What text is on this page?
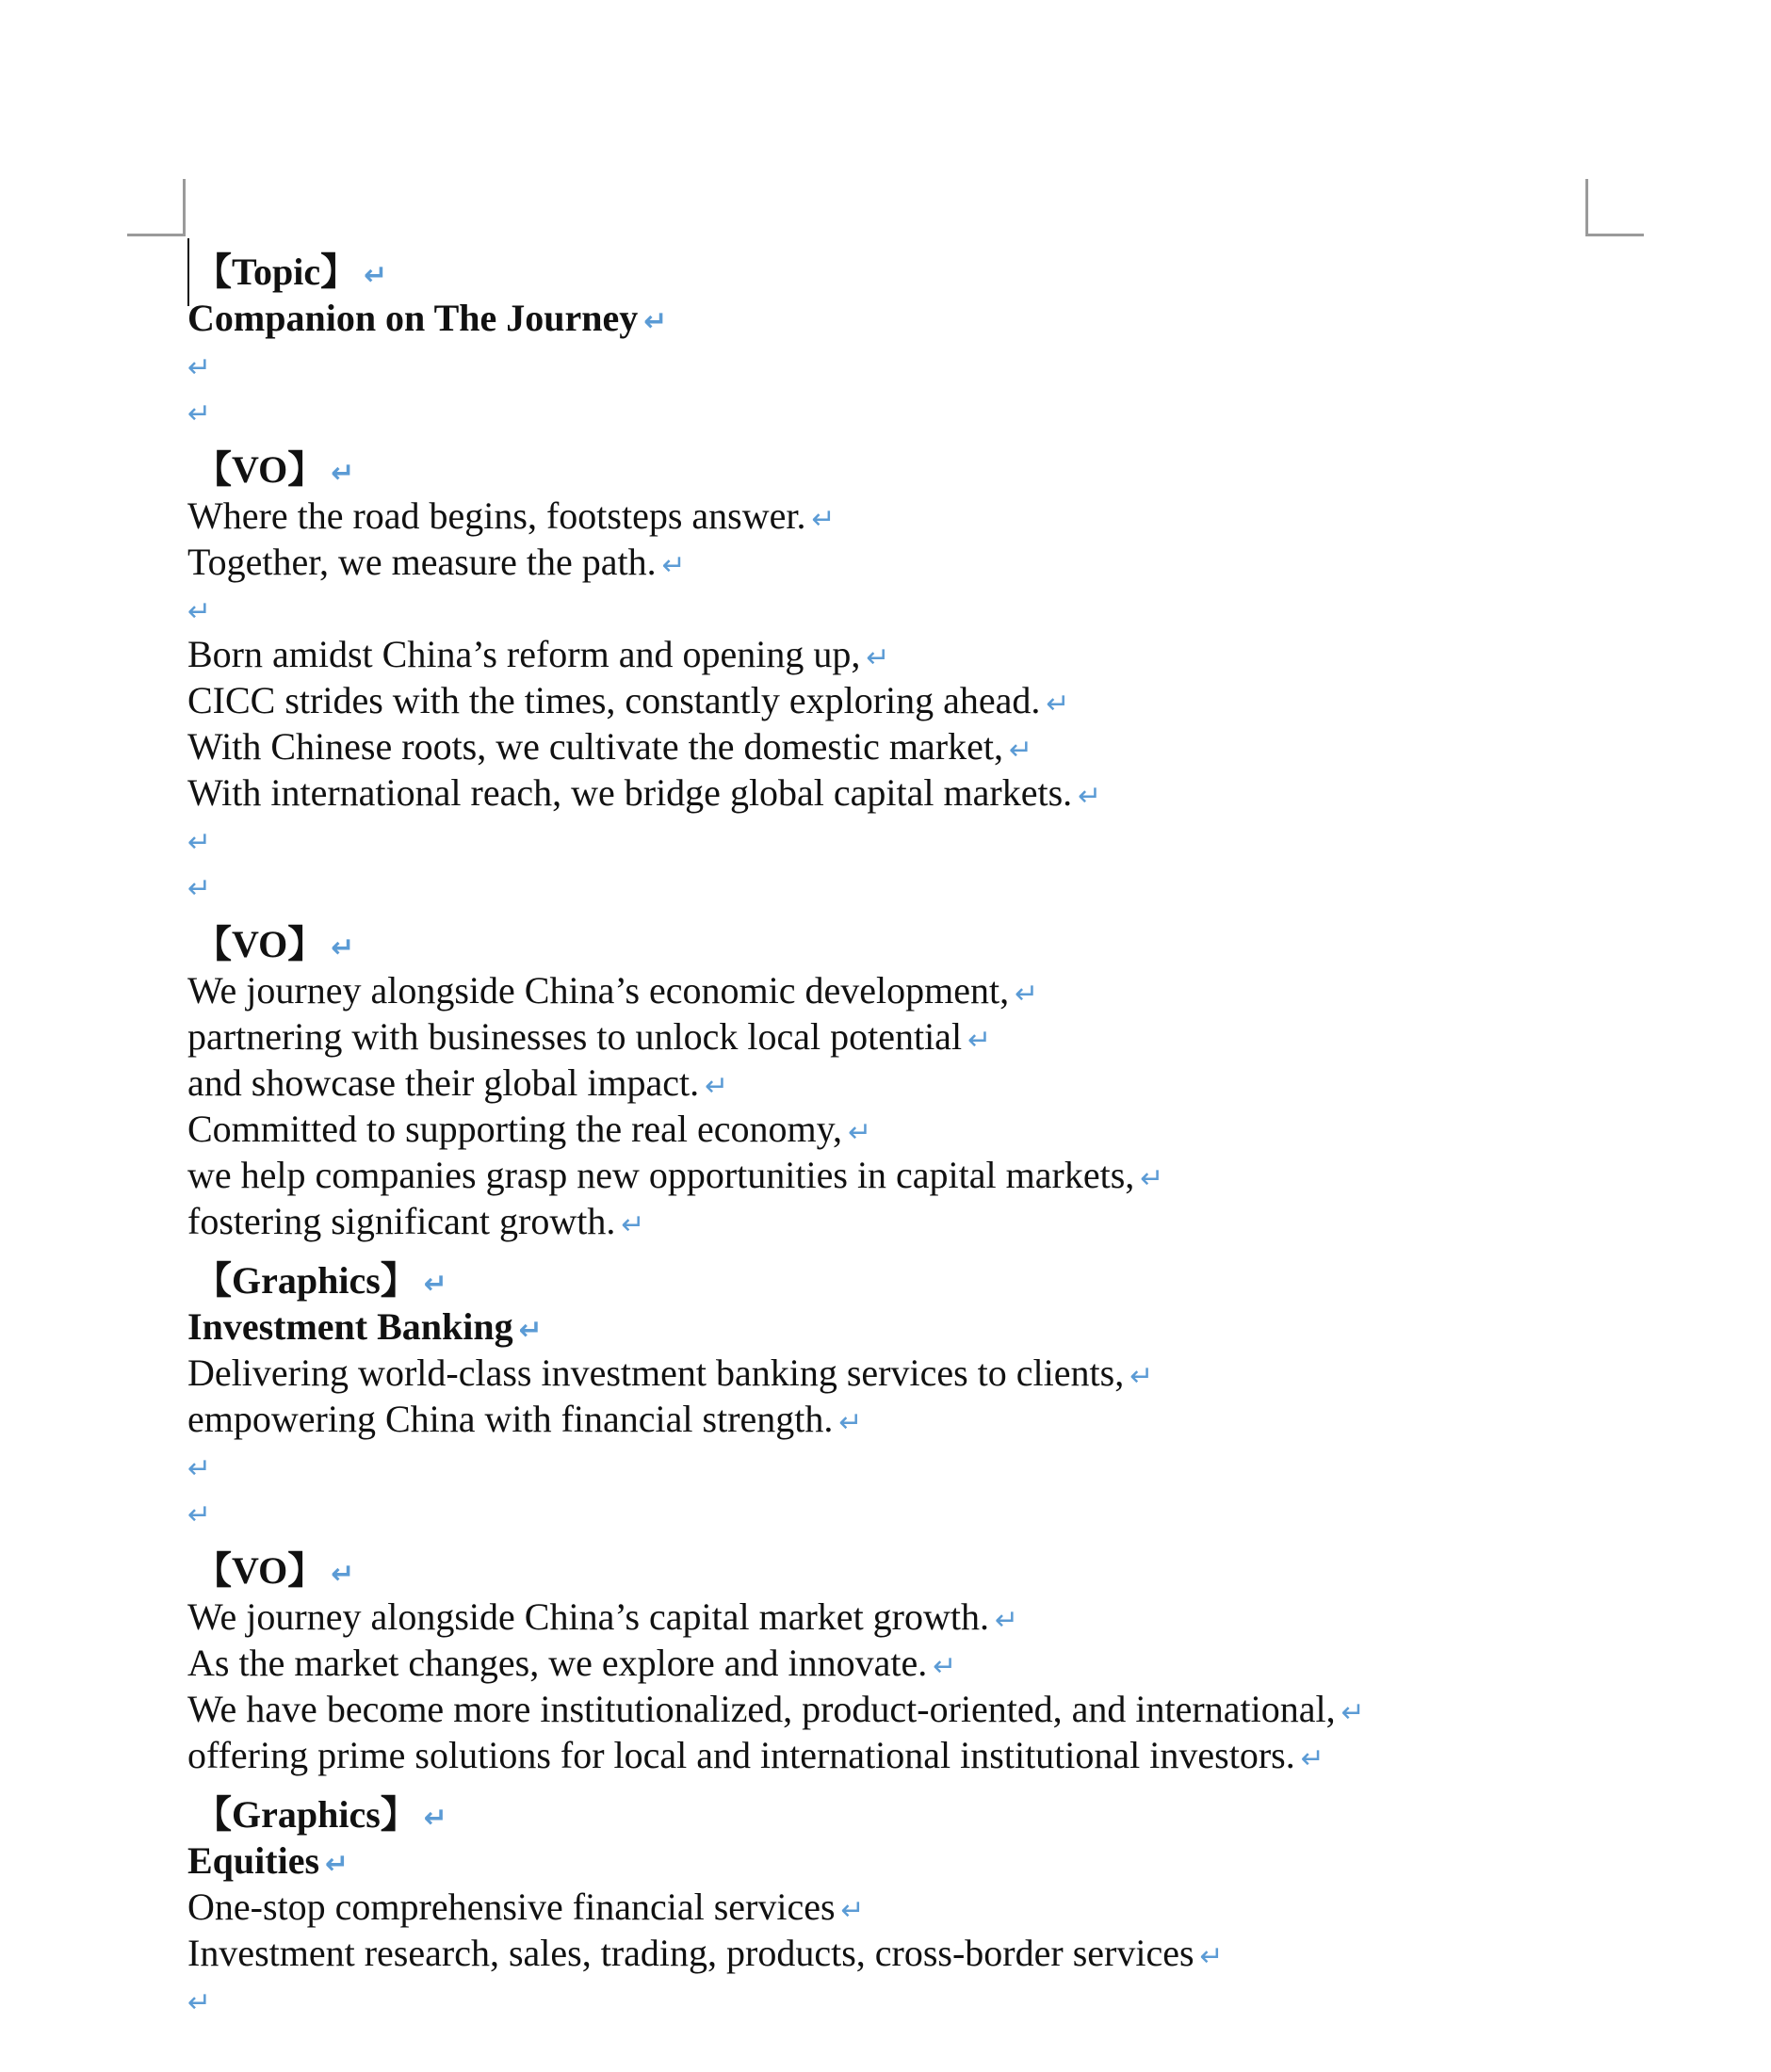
【Topic】 ↵
Companion on The Journey ↵
↵
↵
【VO】 ↵
Where the road begins, footsteps answer. ↵
Together, we measure the path. ↵
↵
Born amidst China’s reform and opening up, ↵
CICC strides with the times, constantly exploring ahead. ↵
With Chinese roots, we cultivate the domestic market, ↵
With international reach, we bridge global capital markets. ↵
↵
↵
【VO】 ↵
We journey alongside China’s economic development, ↵
partnering with businesses to unlock local potential ↵
and showcase their global impact. ↵
Committed to supporting the real economy, ↵
we help companies grasp new opportunities in capital markets, ↵
fostering significant growth. ↵
【Graphics】 ↵
Investment Banking ↵
Delivering world-class investment banking services to clients, ↵
empowering China with financial strength. ↵
↵
↵
【VO】 ↵
We journey alongside China’s capital market growth. ↵
As the market changes, we explore and innovate. ↵
We have become more institutionalized, product-oriented, and international, ↵
offering prime solutions for local and international institutional investors. ↵
【Graphics】 ↵
Equities ↵
One-stop comprehensive financial services ↵
Investment research, sales, trading, products, cross-border services ↵
↵
